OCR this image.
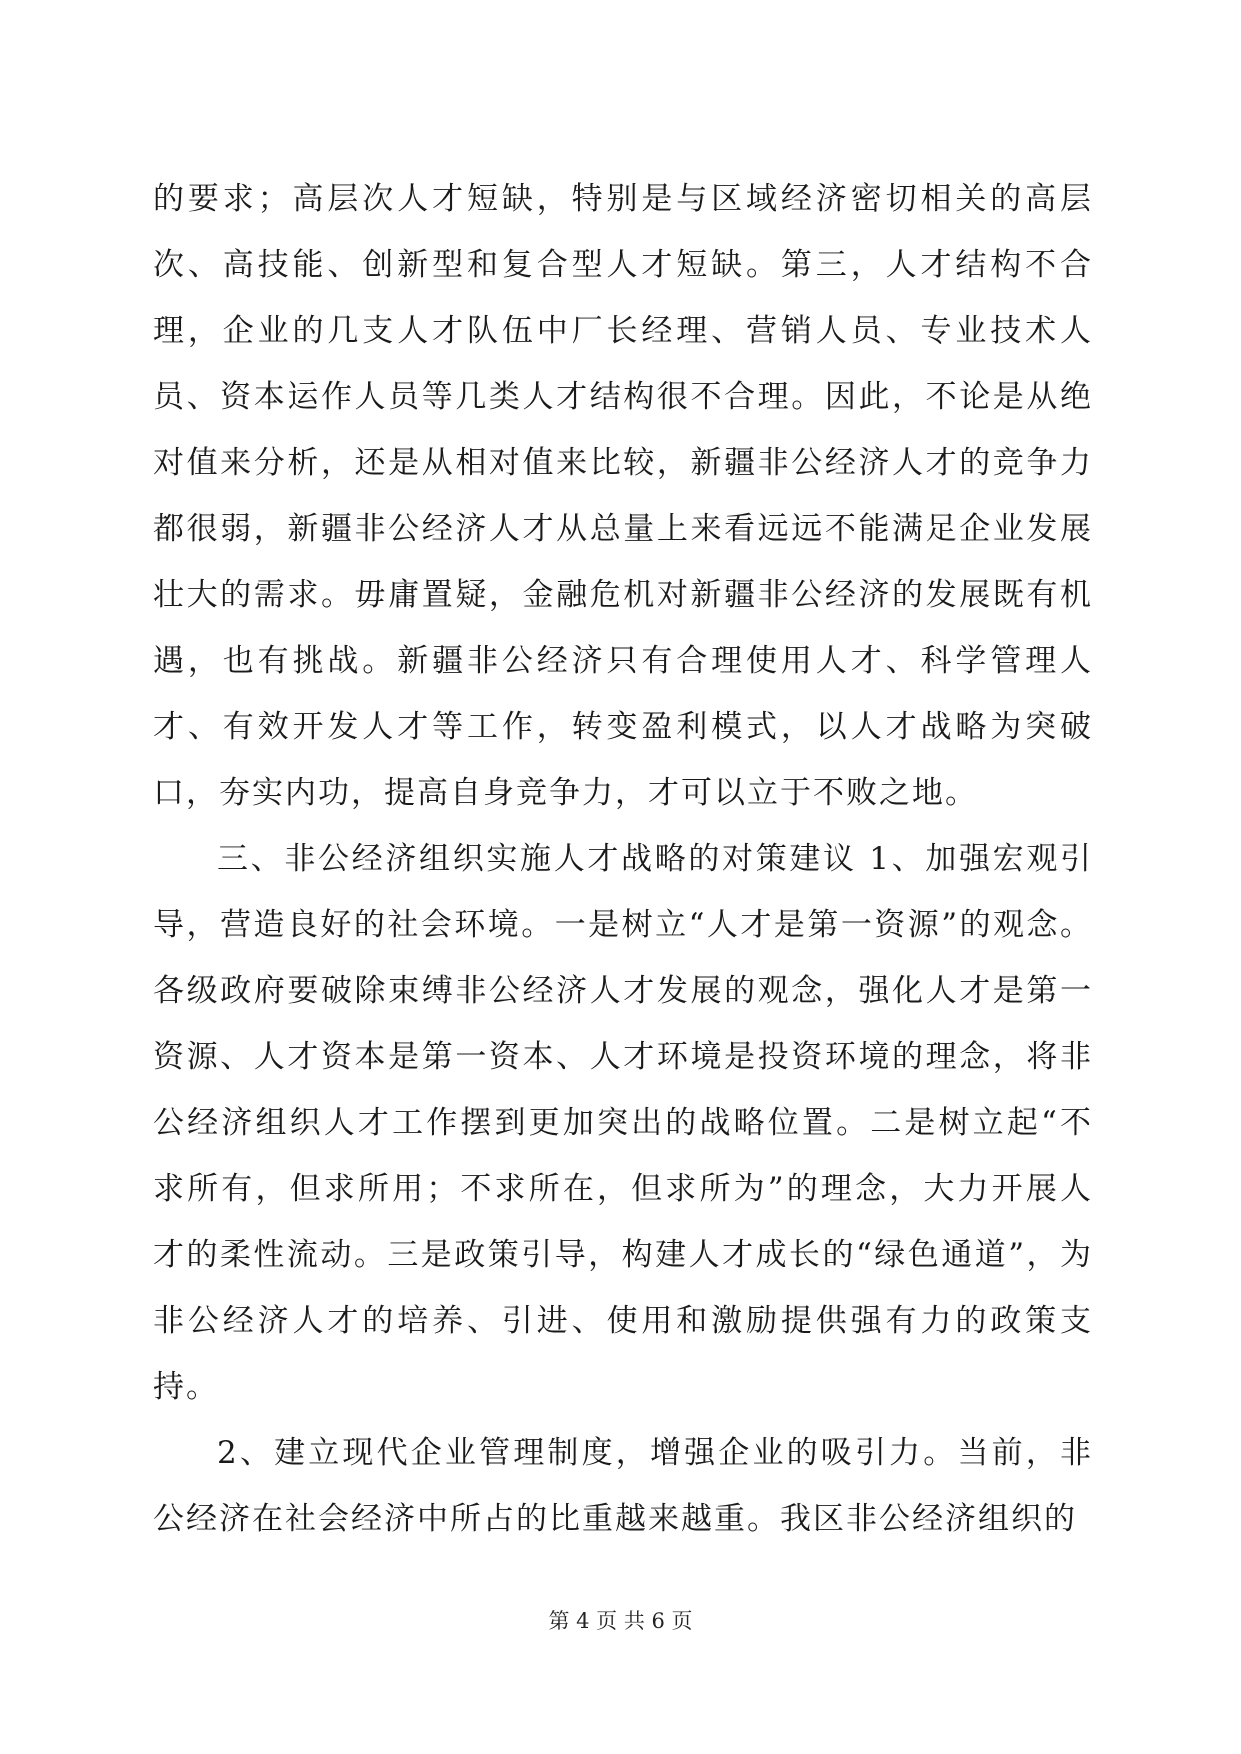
的要求；高层次人才短缺，特别是与区域经济密切相关的高层次、高技能、创新型和复合型人才短缺。第三，人才结构不合理，企业的几支人才队伍中厂长经理、营销人员、专业技术人员、资本运作人员等几类人才结构很不合理。因此，不论是从绝对值来分析，还是从相对值来比较，新疆非公经济人才的竞争力都很弱，新疆非公经济人才从总量上来看远远不能满足企业发展壮大的需求。毋庸置疑，金融危机对新疆非公经济的发展既有机遇，也有挑战。新疆非公经济只有合理使用人才、科学管理人才、有效开发人才等工作，转变盈利模式，以人才战略为突破口，夯实内功，提高自身竞争力，才可以立于不败之地。

三、非公经济组织实施人才战略的对策建议 1、加强宏观引导，营造良好的社会环境。一是树立“人才是第一资源”的观念。各级政府要破除束缚非公经济人才发展的观念，强化人才是第一资源、人才资本是第一资本、人才环境是投资环境的理念，将非公经济组织人才工作摆到更加突出的战略位置。二是树立起“不求所有，但求所用；不求所在，但求所为”的理念，大力开展人才的柔性流动。三是政策引导，构建人才成长的“绿色通道”，为非公经济人才的培养、引进、使用和激励提供强有力的政策支持。

2、建立现代企业管理制度，增强企业的吸引力。当前，非公经济在社会经济中所占的比重越来越重。我区非公经济组织的

第 4 页 共 6 页
